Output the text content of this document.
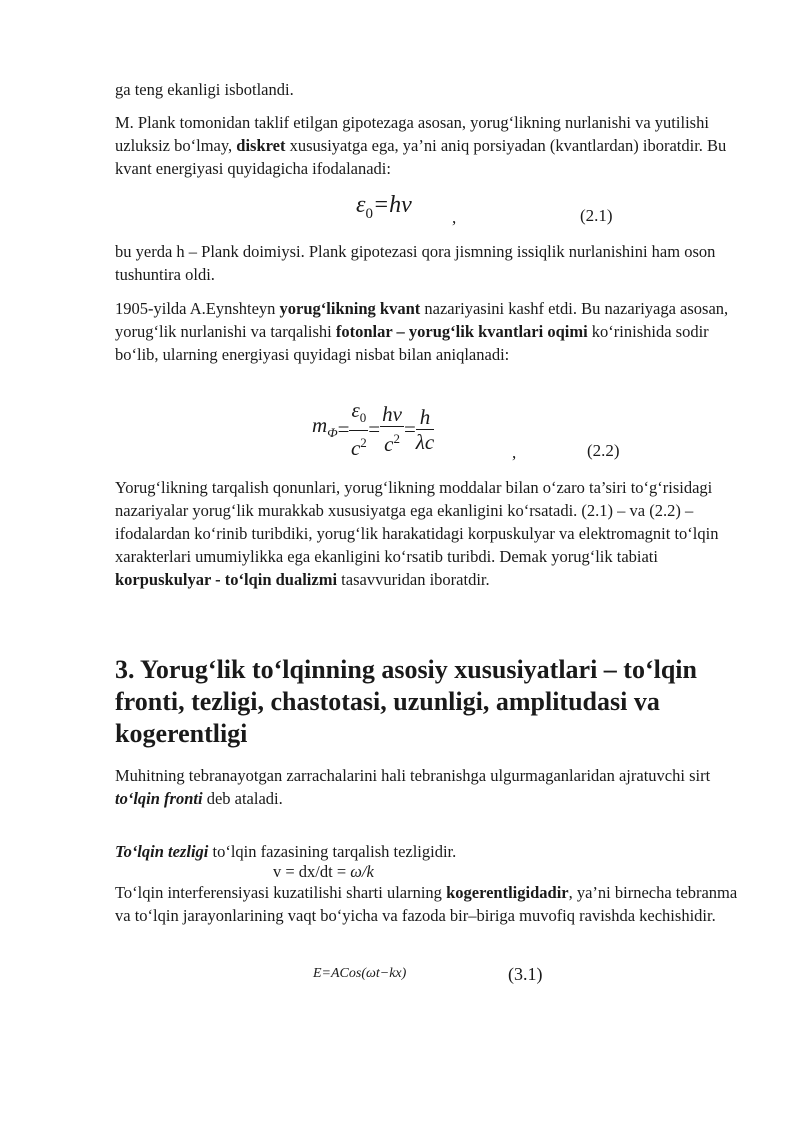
ga teng ekanligi isbotlandi.

M. Plank tomonidan taklif etilgan gipotezaga asosan, yorug‘likning nurlanishi va yutilishi uzluksiz bo‘lmay, diskret xususiyatga ega, ya’ni aniq porsiyadan (kvantlardan) iboratdir. Bu kvant energiyasi quyidagicha ifodalanadi:

$\varepsilon_0=h\nu$ ,	(2.1)

bu yerda h – Plank doimiysi. Plank gipotezasi qora jismning issiqlik nurlanishini ham oson tushuntira oldi.

1905-yilda A.Eynshteyn yorug‘likning kvant nazariyasini kashf etdi. Bu nazariyaga asosan, yorug‘lik nurlanishi va tarqalishi fotonlar – yorug‘lik kvantlari oqimi ko‘rinishida sodir bo‘lib, ularning energiyasi quyidagi nisbat bilan aniqlanadi:

$m_Ф= \frac{\varepsilon_0}{c^2} = \frac{h\nu}{c^2} = \frac{h}{\lambda c}$	,	(2.2)

Yorug‘likning tarqalish qonunlari, yorug‘likning moddalar bilan o‘zaro ta’siri to‘g‘risidagi nazariyalar yorug‘lik murakkab xususiyatga ega ekanligini ko‘rsatadi. (2.1) – va (2.2) – ifodalardan ko‘rinib turibdiki, yorug‘lik harakatidagi korpuskulyar va elektromagnit to‘lqin xarakterlari umumiylikka ega ekanligini ko‘rsatib turibdi. Demak yorug‘lik tabiati korpuskulyar - to‘lqin dualizmi tasavvuridan iboratdir.

3. Yorug‘lik to‘lqinning asosiy xususiyatlari – to‘lqin fronti, tezligi, chastotasi, uzunligi, amplitudasi va kogerentligi

Muhitning tebranayotgan zarrachalarini hali tebranishga ulgurmaganlaridan ajratuvchi sirt to‘lqin fronti deb ataladi.

To‘lqin tezligi to‘lqin fazasining tarqalish tezligidir.

v = dx/dt = ω/k

To‘lqin interferensiyasi kuzatilishi sharti ularning kogerentligidadir, ya’ni birnecha tebranma va to‘lqin jarayonlarining vaqt bo‘yicha va fazoda bir–biriga muvofiq ravishda kechishidir.

E=ACos(ωt−kx)	(3.1)
